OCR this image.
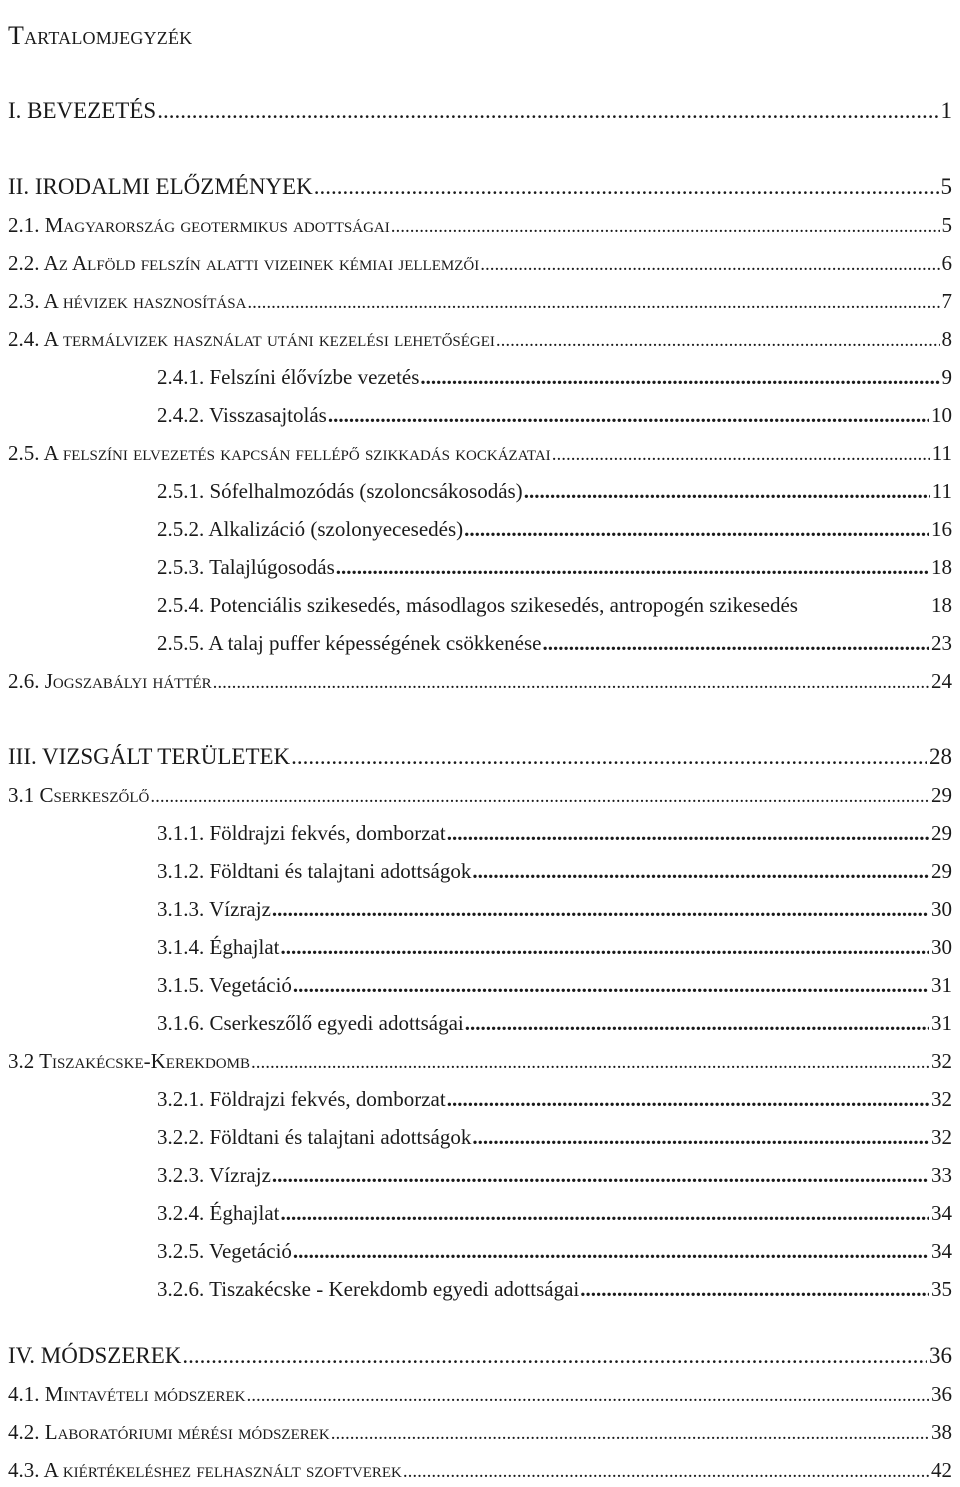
Tartalomjegyzék
I. BEVEZETÉS .....	1
II. IRODALMI ELŐZMÉNYEK .....	5
2.1. Magyarország geotermikus adottságai .....	5
2.2. Az Alföld felszín alatti vizeinek kémiai jellemzői .....	6
2.3. A hévizek hasznosítása .....	7
2.4. A termálvizek használat utáni kezelési lehetőségei .....	8
2.4.1. Felszíni élővízbe vezetés .....	9
2.4.2. Visszasajtolás .....	10
2.5. A felszíni elvezetés kapcsán fellépő szikkadás kockázatai .....	11
2.5.1. Sófelhalmozódás (szoloncsákosodás) .....	11
2.5.2. Alkalizáció (szolonyecesedés) .....	16
2.5.3. Talajlúgosodás .....	18
2.5.4. Potenciális szikesedés, másodlagos szikesedés, antropogén szikesedés	18
2.5.5. A talaj puffer képességének csökkenése .....	23
2.6. Jogszabályi háttér .....	24
III. VIZSGÁLT TERÜLETEK .....	28
3.1 Cserkeszőlő .....	29
3.1.1. Földrajzi fekvés, domborzat .....	29
3.1.2. Földtani és talajtani adottságok .....	29
3.1.3. Vízrajz .....	30
3.1.4. Éghajlat .....	30
3.1.5. Vegetáció .....	31
3.1.6. Cserkeszőlő egyedi adottságai .....	31
3.2 Tiszakécske-Kerekdomb .....	32
3.2.1. Földrajzi fekvés, domborzat .....	32
3.2.2. Földtani és talajtani adottságok .....	32
3.2.3. Vízrajz .....	33
3.2.4. Éghajlat .....	34
3.2.5. Vegetáció .....	34
3.2.6. Tiszakécske - Kerekdomb egyedi adottságai .....	35
IV. MÓDSZEREK .....	36
4.1. Mintavételi módszerek .....	36
4.2. Laboratóriumi mérési módszerek .....	38
4.3. A kiértékeléshez felhasznált szoftverek .....	42
